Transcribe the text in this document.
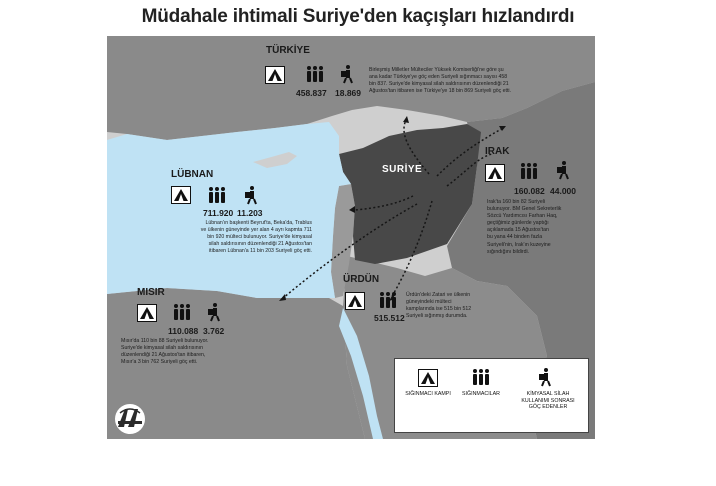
Müdahale ihtimali Suriye'den kaçışları hızlandırdı
SURİYE
TÜRKİYE
458.837 18.869
Birleşmiş Milletler Mülteciler Yüksek Komiserliği'ne göre şu
ana kadar Türkiye'ye göç eden Suriyeli sığınmacı sayısı 458
bin 837. Suriye'de kimyasal silah saldırısının düzenlendiği 21
Ağustos'tan itibaren ise Türkiye'ye 18 bin 869 Suriyeli göç etti.
IRAK
160.082 44.000
Irak'ta 160 bin 82 Suriyeli
bulunuyor. BM Genel Sekreterlik
Sözcü Yardımcısı Farhan Haq,
geçtiğimiz günlerde yaptığı
açıklamada 15 Ağustos'tan
bu yana 44 binden fazla
Suriyeli'nin, Irak'ın kuzeyine
sığındığını bildirdi.
LÜBNAN
711.920 11.203
Lübnan'ın başkenti Beyrut'ta, Beka'da, Trablus
ve ülkenin güneyinde yer alan 4 ayrı kapmta 711
bin 920 mülteci bulunuyor. Suriye'de kimyasal
silah saldırısının düzenlendiği 21 Ağustos'tan
itibaren Lübnan'a 11 bin 203 Suriyeli göç etti.
ÜRDÜN
515.512
Ürdün'deki Zatari ve ülkenin
güneyindeki mülteci
kamplarında ise 515 bin 512
Suriyeli sığınmış durumda.
MISIR
110.088 3.762
Mısır'da 110 bin 88 Suriyeli bulunuyor.
Suriye'de kimyasal silah saldırısının
düzenlendiği 21 Ağustos'tan itibaren,
Mısır'a 3 bin 762 Suriyeli göç etti.
SIĞINMACI KAMPI	SIĞINMACILAR	KİMYASAL SİLAH
KULLANIMI SONRASI
GÖÇ EDENLER
